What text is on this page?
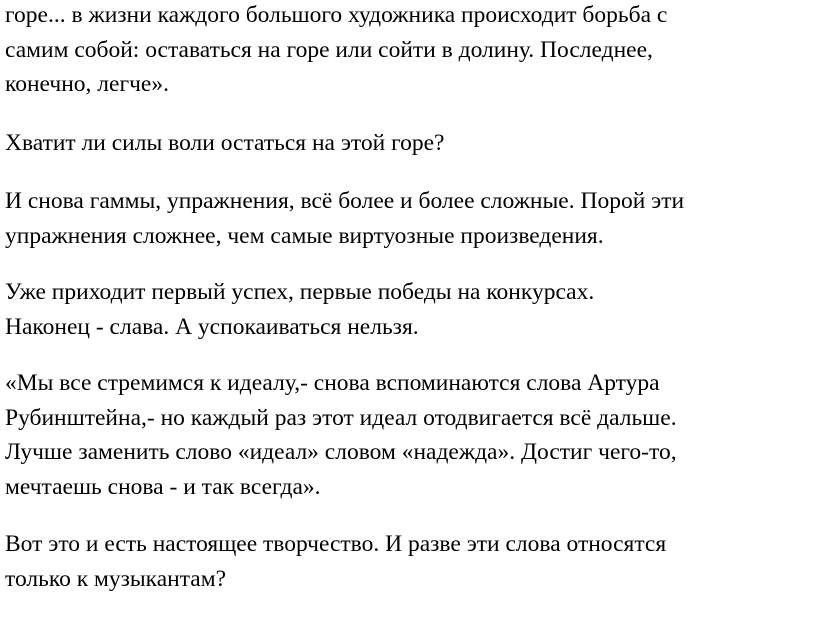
горе... в жизни каждого большого художника происходит борьба с
самим собой: оставаться на горе или сойти в долину. Последнее,
конечно, легче».
Хватит ли силы воли остаться на этой горе?
И снова гаммы, упражнения, всё более и более сложные. Порой эти
упражнения сложнее, чем самые виртуозные произведения.
Уже приходит первый успех, первые победы на конкурсах.
Наконец - слава. А успокаиваться нельзя.
«Мы все стремимся к идеалу,- снова вспоминаются слова Артура
Рубинштейна,- но каждый раз этот идеал отодвигается всё дальше.
Лучше заменить слово «идеал» словом «надежда». Достиг чего-то,
мечтаешь снова - и так всегда».
Вот это и есть настоящее творчество. И разве эти слова относятся
только к музыкантам?
